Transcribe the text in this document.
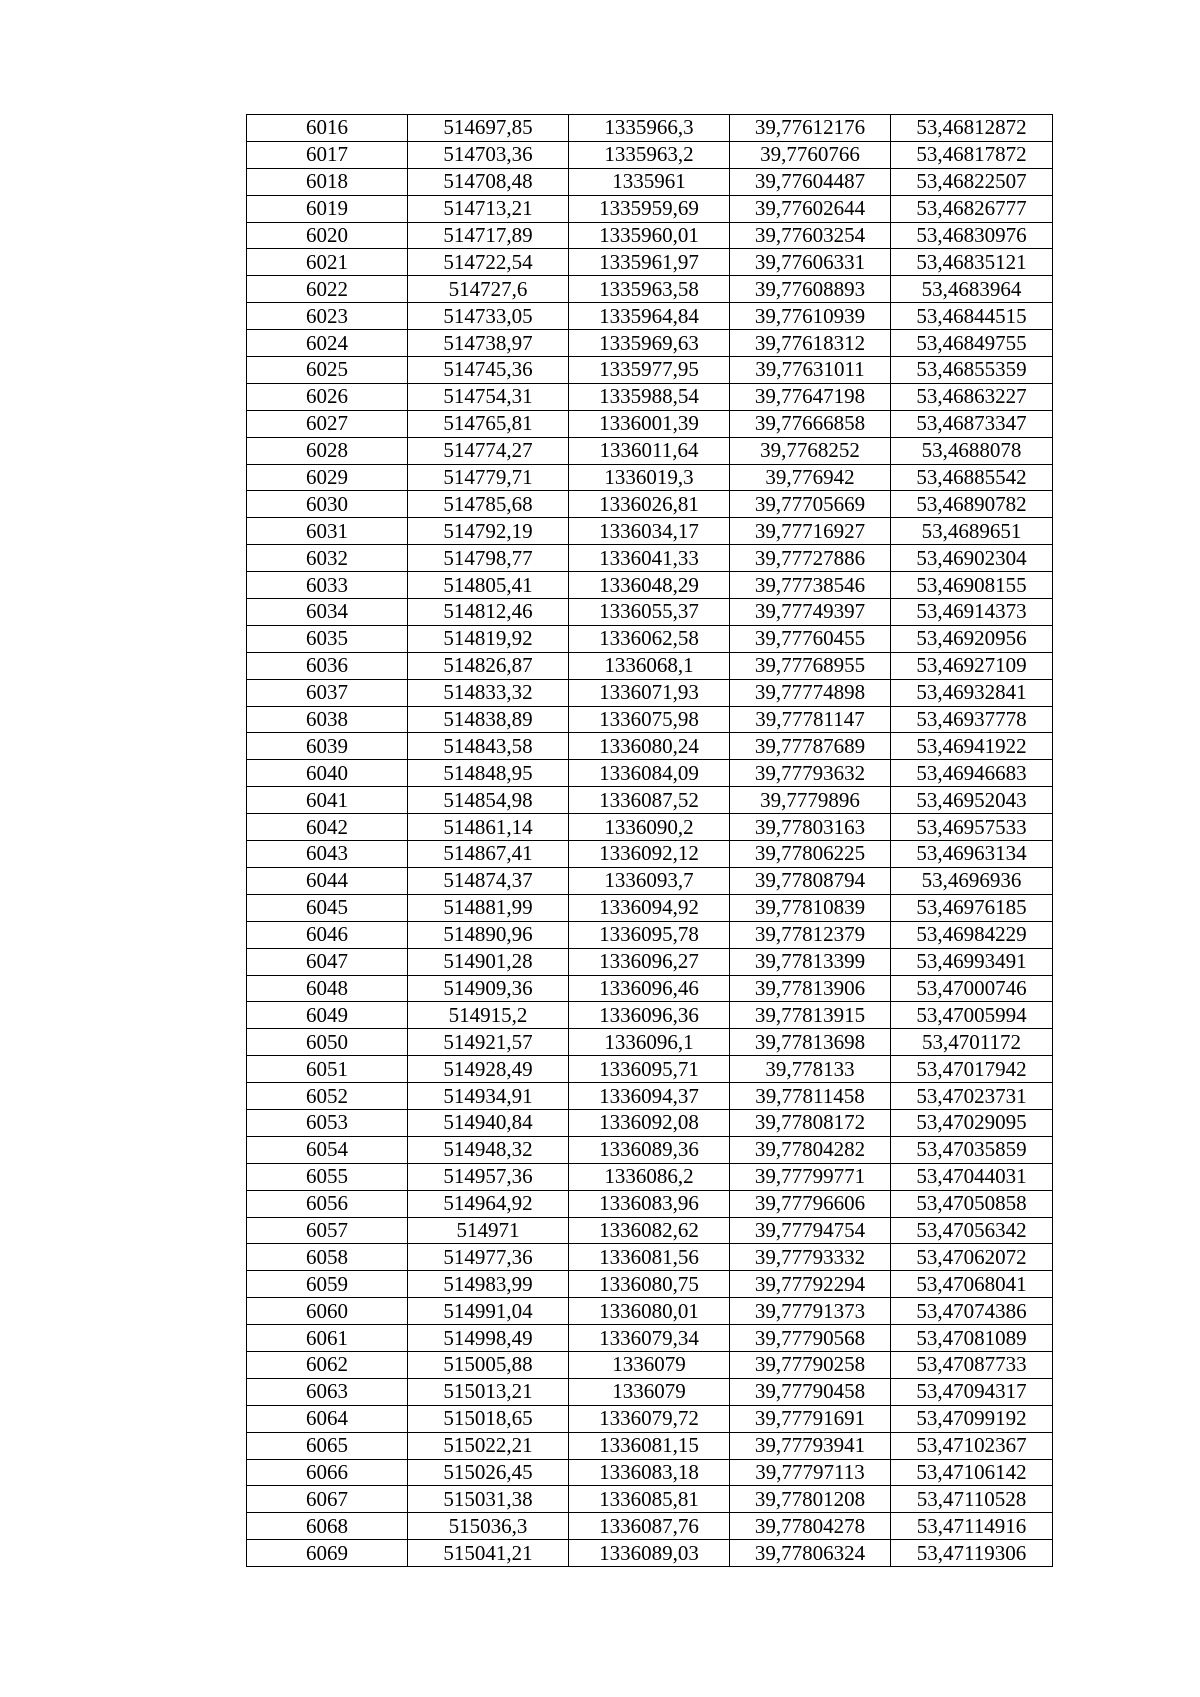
6016	514697,85	1335966,3	39,77612176	53,46812872
6017	514703,36	1335963,2	39,7760766	53,46817872
6018	514708,48	1335961	39,77604487	53,46822507
6019	514713,21	1335959,69	39,77602644	53,46826777
6020	514717,89	1335960,01	39,77603254	53,46830976
6021	514722,54	1335961,97	39,77606331	53,46835121
6022	514727,6	1335963,58	39,77608893	53,4683964
6023	514733,05	1335964,84	39,77610939	53,46844515
6024	514738,97	1335969,63	39,77618312	53,46849755
6025	514745,36	1335977,95	39,77631011	53,46855359
6026	514754,31	1335988,54	39,77647198	53,46863227
6027	514765,81	1336001,39	39,77666858	53,46873347
6028	514774,27	1336011,64	39,7768252	53,4688078
6029	514779,71	1336019,3	39,776942	53,46885542
6030	514785,68	1336026,81	39,77705669	53,46890782
6031	514792,19	1336034,17	39,77716927	53,4689651
6032	514798,77	1336041,33	39,77727886	53,46902304
6033	514805,41	1336048,29	39,77738546	53,46908155
6034	514812,46	1336055,37	39,77749397	53,46914373
6035	514819,92	1336062,58	39,77760455	53,46920956
6036	514826,87	1336068,1	39,77768955	53,46927109
6037	514833,32	1336071,93	39,77774898	53,46932841
6038	514838,89	1336075,98	39,77781147	53,46937778
6039	514843,58	1336080,24	39,77787689	53,46941922
6040	514848,95	1336084,09	39,77793632	53,46946683
6041	514854,98	1336087,52	39,7779896	53,46952043
6042	514861,14	1336090,2	39,77803163	53,46957533
6043	514867,41	1336092,12	39,77806225	53,46963134
6044	514874,37	1336093,7	39,77808794	53,4696936
6045	514881,99	1336094,92	39,77810839	53,46976185
6046	514890,96	1336095,78	39,77812379	53,46984229
6047	514901,28	1336096,27	39,77813399	53,46993491
6048	514909,36	1336096,46	39,77813906	53,47000746
6049	514915,2	1336096,36	39,77813915	53,47005994
6050	514921,57	1336096,1	39,77813698	53,4701172
6051	514928,49	1336095,71	39,778133	53,47017942
6052	514934,91	1336094,37	39,77811458	53,47023731
6053	514940,84	1336092,08	39,77808172	53,47029095
6054	514948,32	1336089,36	39,77804282	53,47035859
6055	514957,36	1336086,2	39,77799771	53,47044031
6056	514964,92	1336083,96	39,77796606	53,47050858
6057	514971	1336082,62	39,77794754	53,47056342
6058	514977,36	1336081,56	39,77793332	53,47062072
6059	514983,99	1336080,75	39,77792294	53,47068041
6060	514991,04	1336080,01	39,77791373	53,47074386
6061	514998,49	1336079,34	39,77790568	53,47081089
6062	515005,88	1336079	39,77790258	53,47087733
6063	515013,21	1336079	39,77790458	53,47094317
6064	515018,65	1336079,72	39,77791691	53,47099192
6065	515022,21	1336081,15	39,77793941	53,47102367
6066	515026,45	1336083,18	39,77797113	53,47106142
6067	515031,38	1336085,81	39,77801208	53,47110528
6068	515036,3	1336087,76	39,77804278	53,47114916
6069	515041,21	1336089,03	39,77806324	53,47119306
